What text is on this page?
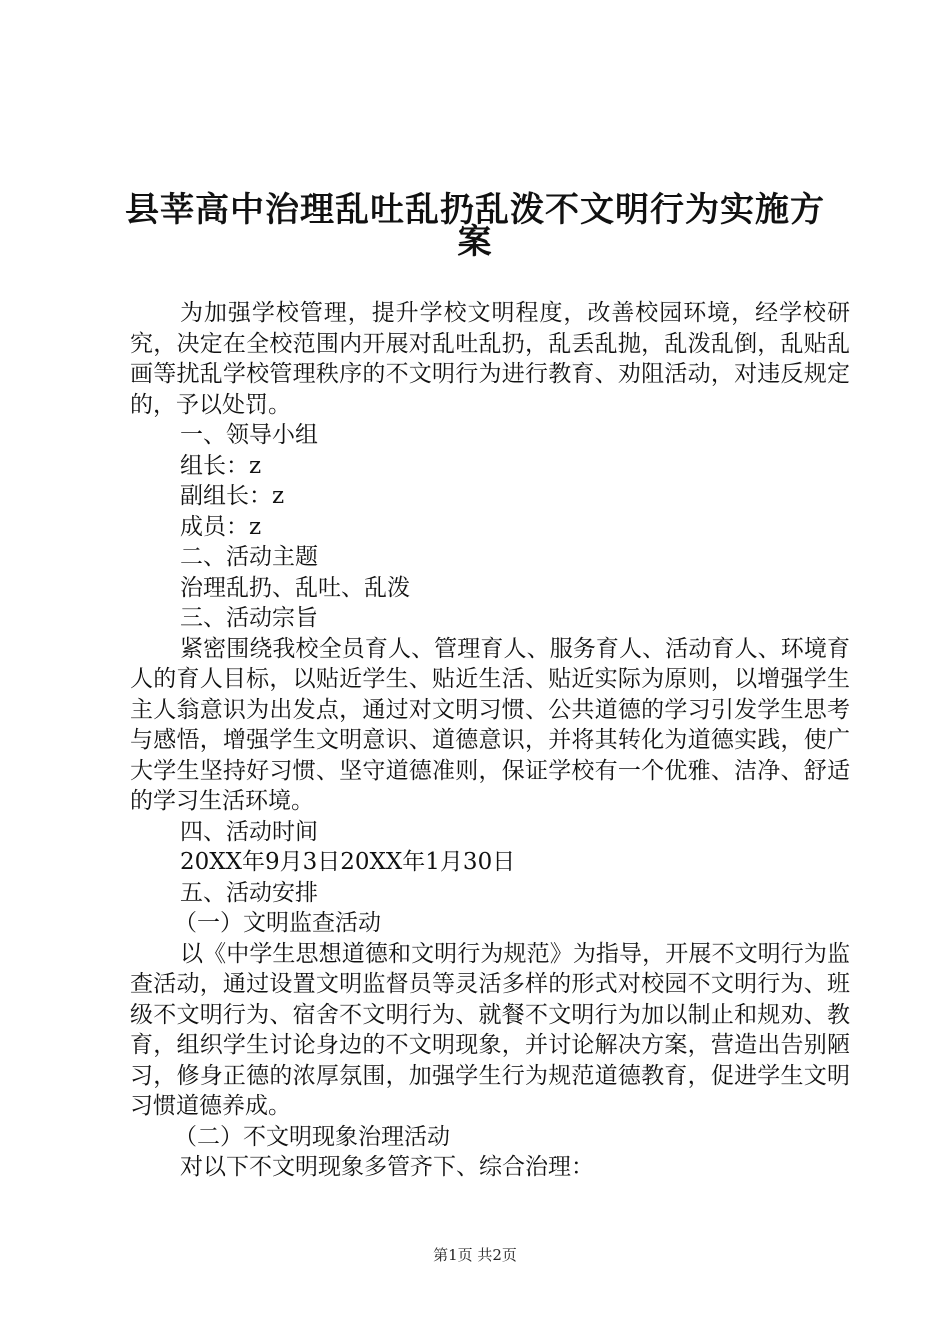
县莘高中治理乱吐乱扔乱泼不文明行为实施方
案

为加强学校管理，提升学校文明程度，改善校园环境，经学校研究，决定在全校范围内开展对乱吐乱扔，乱丢乱抛，乱泼乱倒，乱贴乱画等扰乱学校管理秩序的不文明行为进行教育、劝阻活动，对违反规定的，予以处罚。

一、领导小组

组长：z

副组长：z

成员：z

二、活动主题

治理乱扔、乱吐、乱泼

三、活动宗旨

紧密围绕我校全员育人、管理育人、服务育人、活动育人、环境育人的育人目标，以贴近学生、贴近生活、贴近实际为原则，以增强学生主人翁意识为出发点，通过对文明习惯、公共道德的学习引发学生思考与感悟，增强学生文明意识、道德意识，并将其转化为道德实践，使广大学生坚持好习惯、坚守道德准则，保证学校有一个优雅、洁净、舒适的学习生活环境。

四、活动时间

20XX年9月3日20XX年1月30日

五、活动安排

（一）文明监查活动

以《中学生思想道德和文明行为规范》为指导，开展不文明行为监查活动，通过设置文明监督员等灵活多样的形式对校园不文明行为、班级不文明行为、宿舍不文明行为、就餐不文明行为加以制止和规劝、教育，组织学生讨论身边的不文明现象，并讨论解决方案，营造出告别陋习，修身正德的浓厚氛围，加强学生行为规范道德教育，促进学生文明习惯道德养成。

（二）不文明现象治理活动

对以下不文明现象多管齐下、综合治理：

第1页 共2页
